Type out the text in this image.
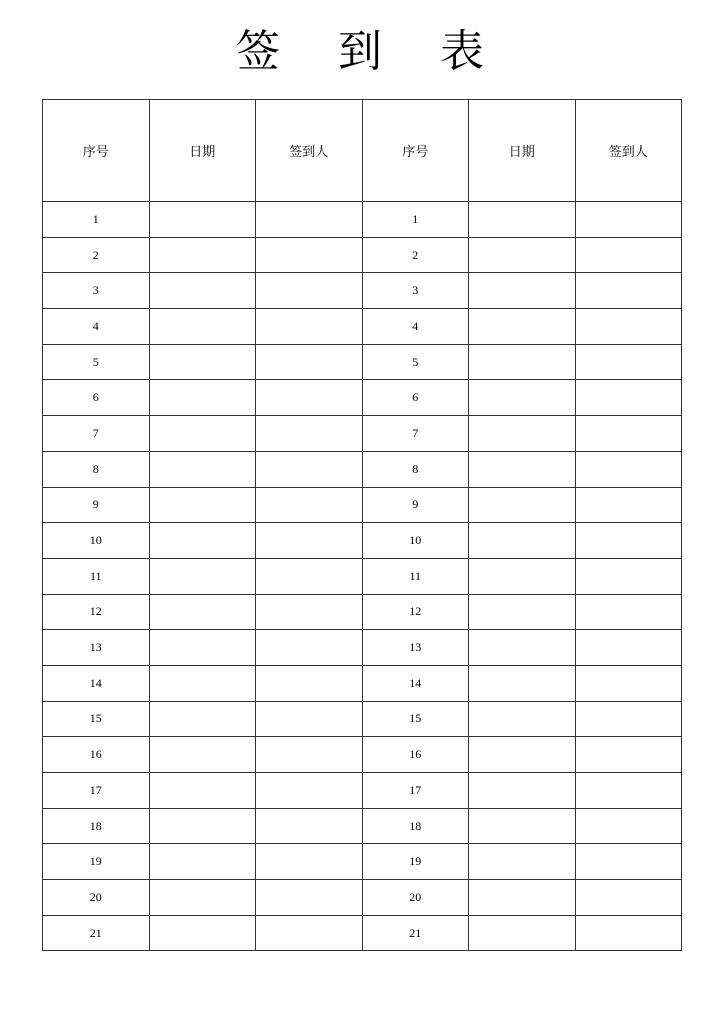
签 到 表
序号	日期	签到人	序号	日期	签到人
1			1		
2			2		
3			3		
4			4		
5			5		
6			6		
7			7		
8			8		
9			9		
10			10		
11			11		
12			12		
13			13		
14			14		
15			15		
16			16		
17			17		
18			18		
19			19		
20			20		
21			21		
